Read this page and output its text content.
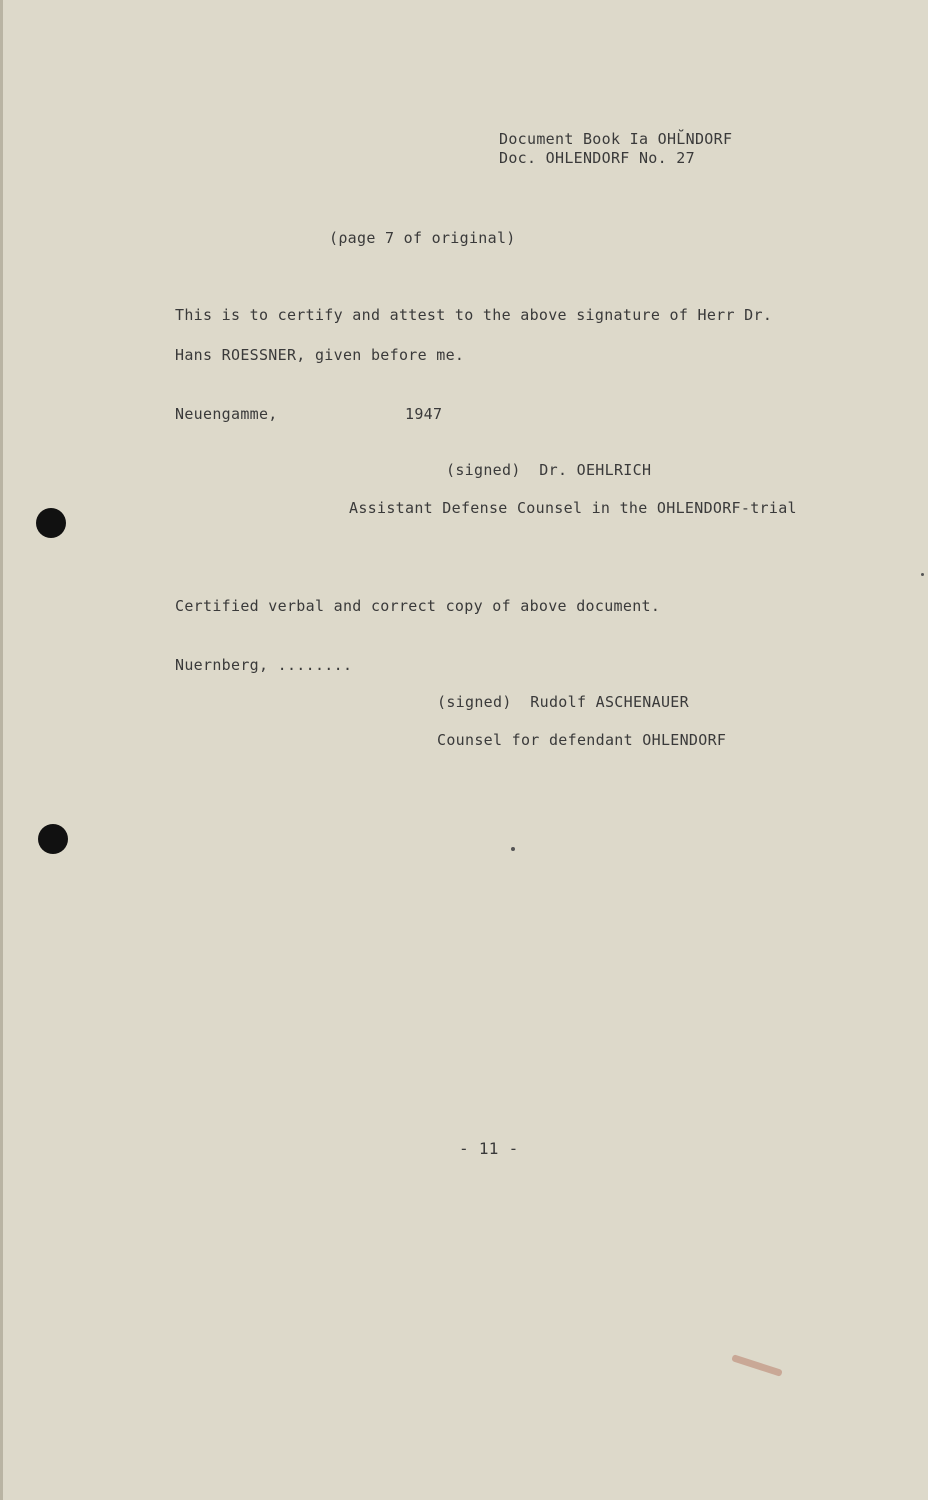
Document Book Ia OHL̆NDORF
Doc. OHLENDORF No. 27
(ρage 7 of original)
This is to certify and attest to the above signature of Herr Dr.
Hans ROESSNER, given before me.
Neuengamme,	1947
(signed)  Dr. OEHLRICH
Assistant Defense Counsel in the OHLENDORF-trial
Certified verbal and correct copy of above document.
Nuernberg, ........
(signed)  Rudolf ASCHENAUER
Counsel for defendant OHLENDORF
- 11 -
